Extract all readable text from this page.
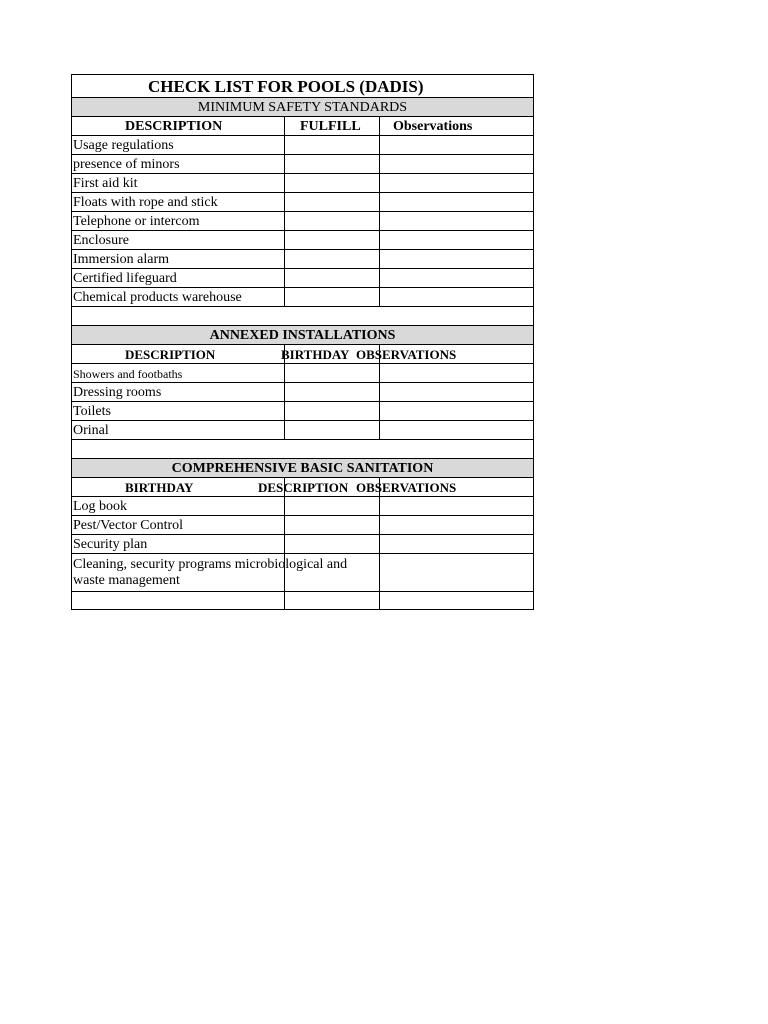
CHECK LIST FOR POOLS (DADIS)
MINIMUM SAFETY STANDARDS
DESCRIPTION	FULFILL Observations
Usage regulations
presence of minors
First aid kit
Floats with rope and stick
Telephone or intercom
Enclosure
Immersion alarm
Certified lifeguard
Chemical products warehouse
ANNEXED INSTALLATIONS
DESCRIPTION	BIRTHDAY OBSERVATIONS
Showers and footbaths
Dressing rooms
Toilets
Orinal
COMPREHENSIVE BASIC SANITATION
BIRTHDAY	DESCRIPTION OBSERVATIONS
Log book
Pest/Vector Control
Security plan
Cleaning, security programs microbiological and waste management
